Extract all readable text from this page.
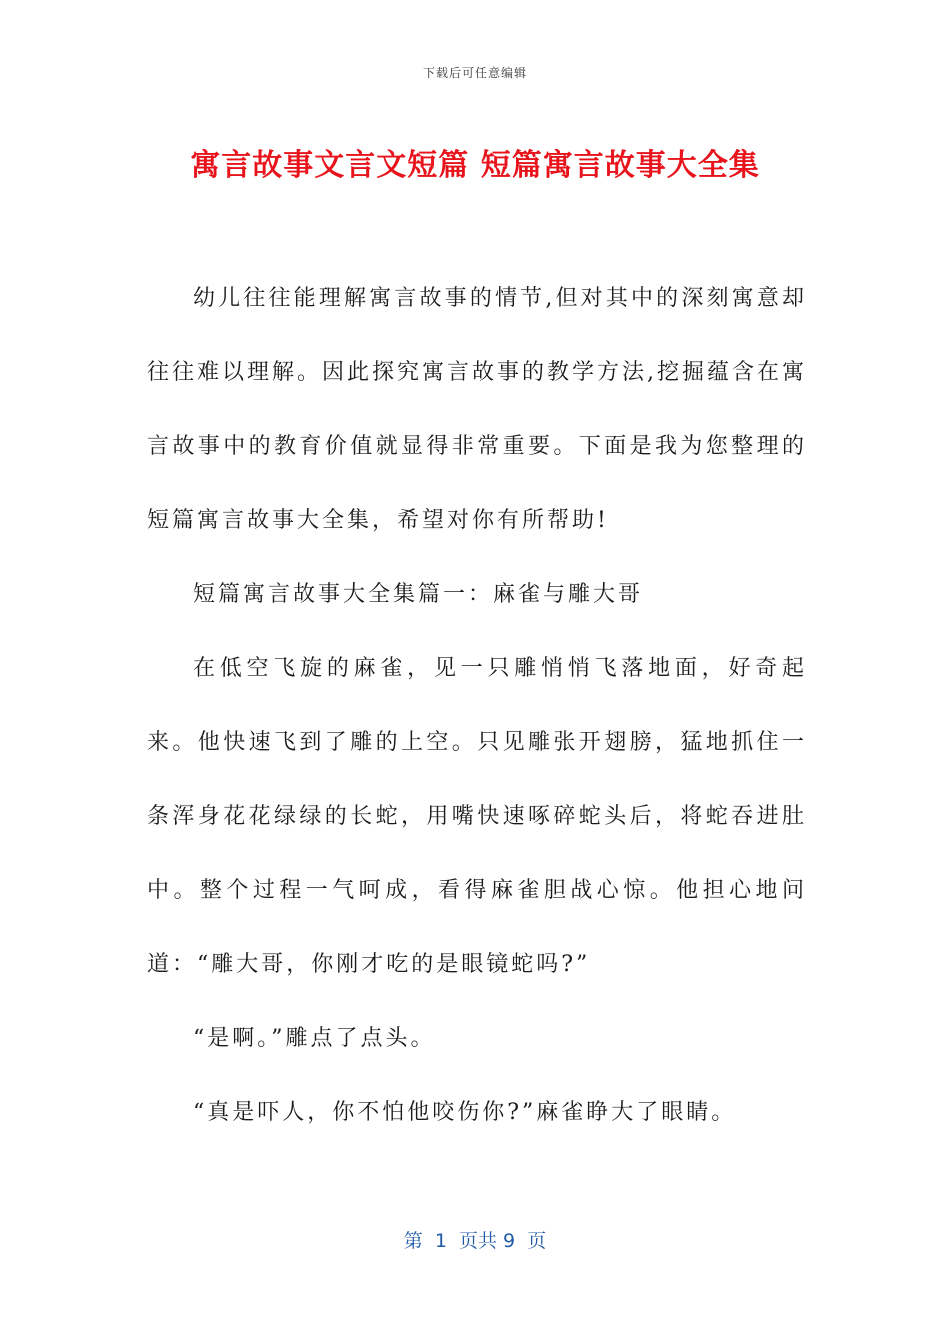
下载后可任意编辑
寓言故事文言文短篇 短篇寓言故事大全集

幼儿往往能理解寓言故事的情节,但对其中的深刻寓意却往往难以理解。因此探究寓言故事的教学方法,挖掘蕴含在寓言故事中的教育价值就显得非常重要。下面是我为您整理的短篇寓言故事大全集，希望对你有所帮助!

短篇寓言故事大全集篇一：麻雀与雕大哥

在低空飞旋的麻雀，见一只雕悄悄飞落地面，好奇起来。他快速飞到了雕的上空。只见雕张开翅膀，猛地抓住一条浑身花花绿绿的长蛇，用嘴快速啄碎蛇头后，将蛇吞进肚中。整个过程一气呵成，看得麻雀胆战心惊。他担心地问道：“雕大哥，你刚才吃的是眼镜蛇吗?”

“是啊。”雕点了点头。

“真是吓人，你不怕他咬伤你?”麻雀睁大了眼睛。

第  1  页共 9  页
